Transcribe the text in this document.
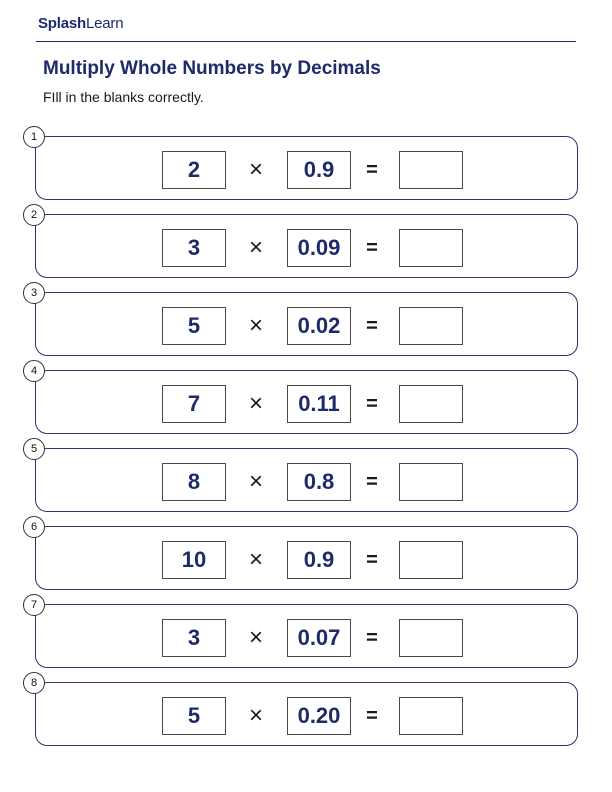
SplashLearn
Multiply Whole Numbers by Decimals

FIll in the blanks correctly.

1
2	×	0.9	=
2
3	×	0.09	=
3
5	×	0.02	=
4
7	×	0.11	=
5
8	×	0.8	=
6
10	×	0.9	=
7
3	×	0.07	=
8
5	×	0.20	=
